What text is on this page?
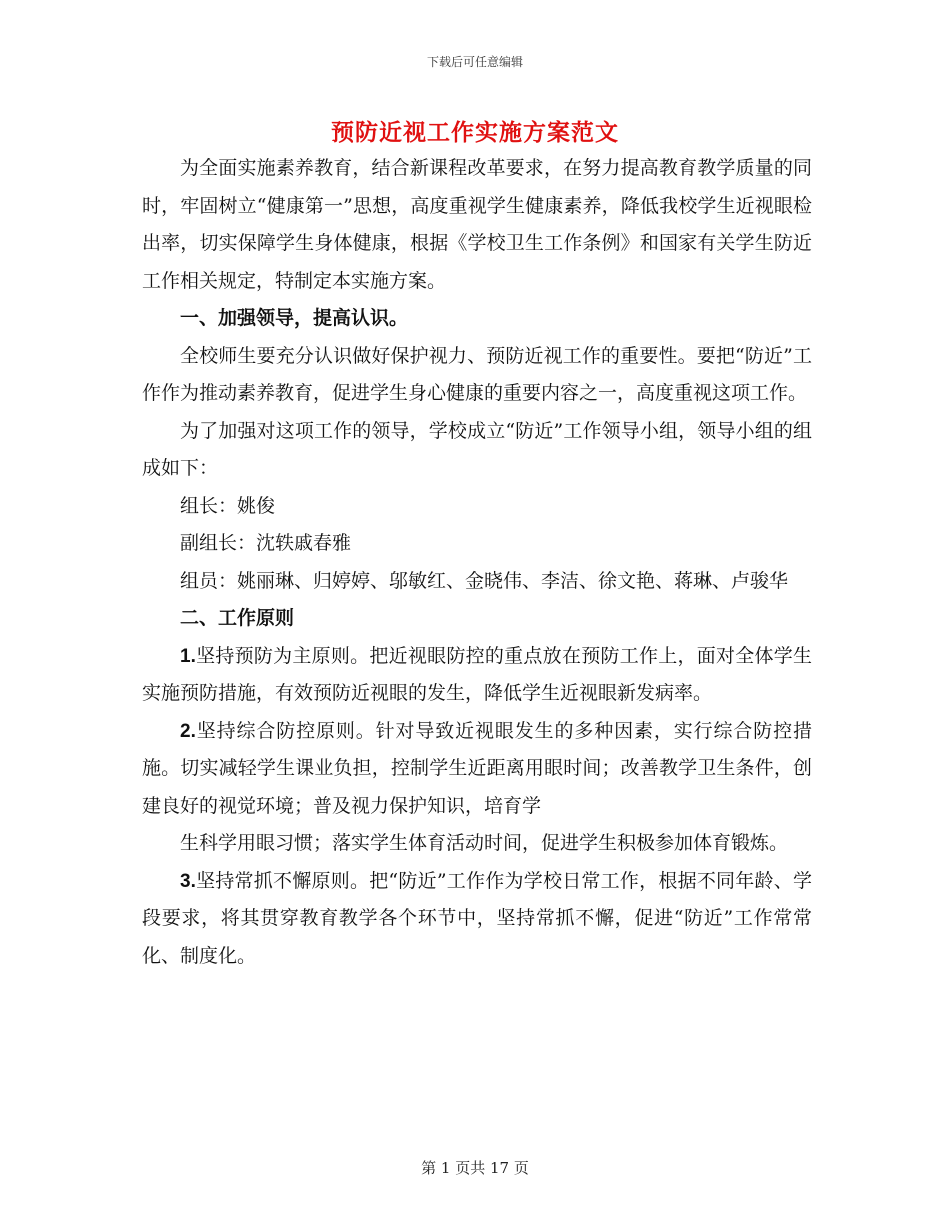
下载后可任意编辑
预防近视工作实施方案范文

为全面实施素养教育，结合新课程改革要求，在努力提高教育教学质量的同时，牢固树立“健康第一”思想，高度重视学生健康素养，降低我校学生近视眼检出率，切实保障学生身体健康，根据《学校卫生工作条例》和国家有关学生防近工作相关规定，特制定本实施方案。

一、加强领导，提高认识。

全校师生要充分认识做好保护视力、预防近视工作的重要性。要把“防近”工作作为推动素养教育，促进学生身心健康的重要内容之一，高度重视这项工作。

为了加强对这项工作的领导，学校成立“防近”工作领导小组，领导小组的组成如下：

组长：姚俊

副组长：沈轶戚春雅

组员：姚丽琳、归婷婷、邬敏红、金晓伟、李洁、徐文艳、蒋琳、卢骏华

二、工作原则

1.坚持预防为主原则。把近视眼防控的重点放在预防工作上，面对全体学生实施预防措施，有效预防近视眼的发生，降低学生近视眼新发病率。

2.坚持综合防控原则。针对导致近视眼发生的多种因素，实行综合防控措施。切实减轻学生课业负担，控制学生近距离用眼时间；改善教学卫生条件，创建良好的视觉环境；普及视力保护知识，培育学

生科学用眼习惯；落实学生体育活动时间，促进学生积极参加体育锻炼。

3.坚持常抓不懈原则。把“防近”工作作为学校日常工作，根据不同年龄、学段要求，将其贯穿教育教学各个环节中，坚持常抓不懈，促进“防近”工作常常化、制度化。

第 1 页共 17 页
